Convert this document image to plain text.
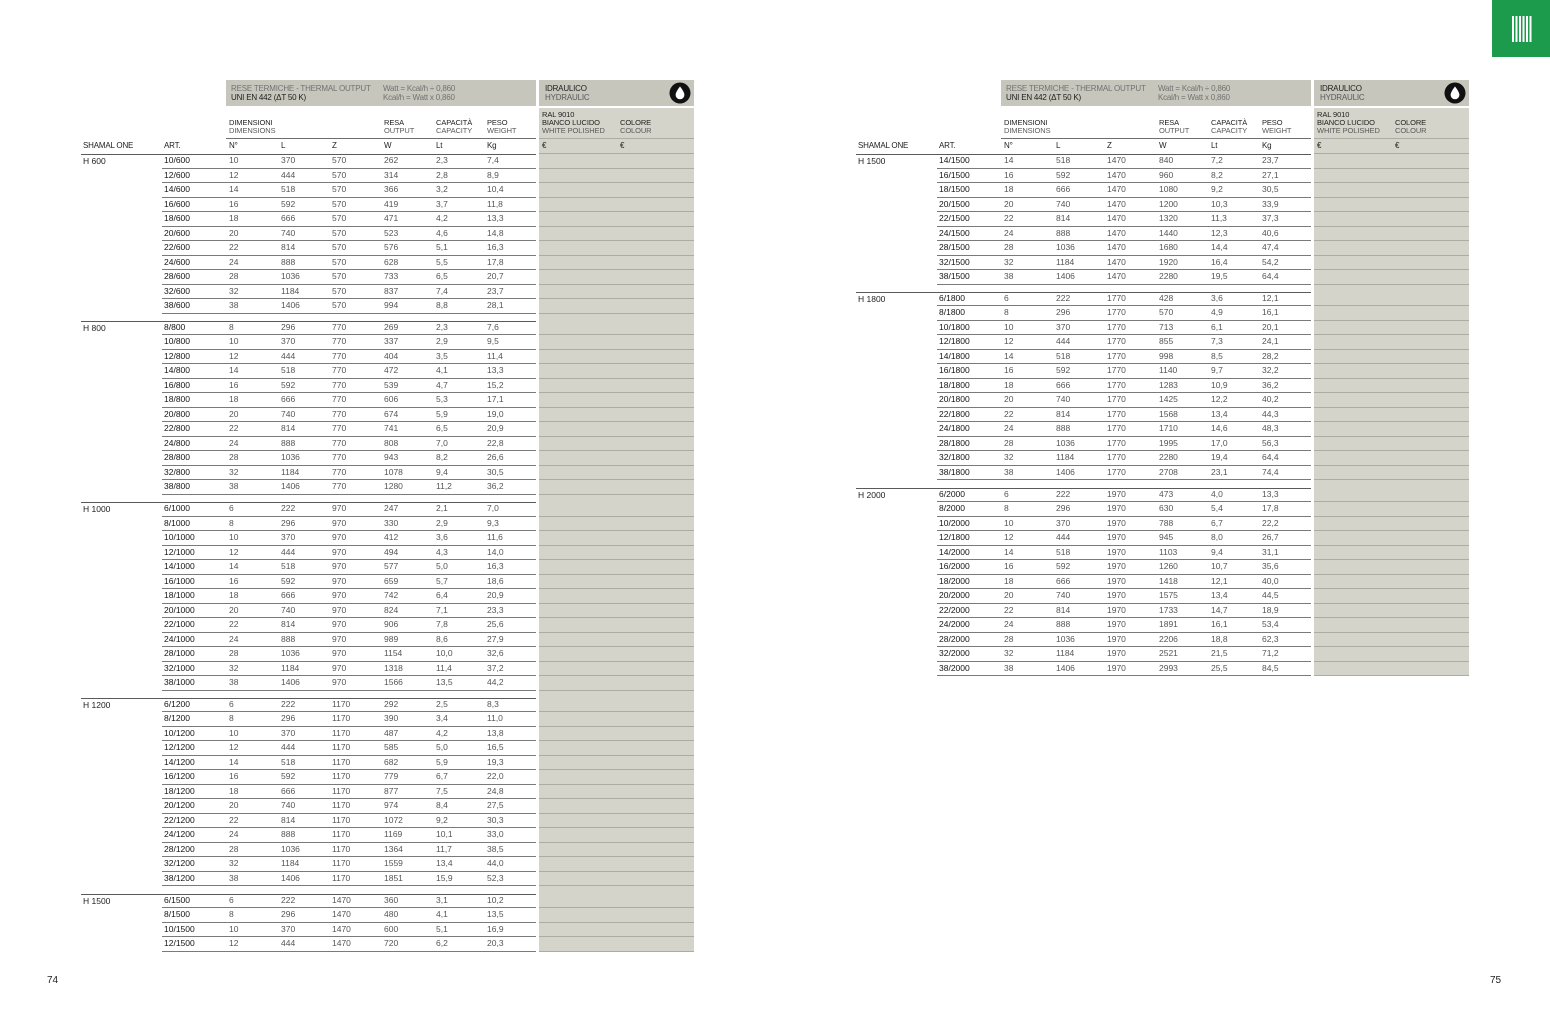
RESE TERMICHE - THERMAL OUTPUT
UNI EN 442 (ΔT 50 K)
Watt = Kcal/h ÷ 0,860
Kcal/h = Watt x 0,860
IDRAULICO
HYDRAULIC
DIMENSIONI
DIMENSIONS
RESA
OUTPUT
CAPACITÀ
CAPACITY
PESO
WEIGHT
RAL 9010
BIANCO LUCIDO
WHITE POLISHED
COLORE
COLOUR
SHAMAL ONE	ART.	N°	L	Z	W	Lt	Kg	€	€
H 600	10/600	10	370	570	262	2,3	7,4
12/600	12	444	570	314	2,8	8,9
14/600	14	518	570	366	3,2	10,4
16/600	16	592	570	419	3,7	11,8
18/600	18	666	570	471	4,2	13,3
20/600	20	740	570	523	4,6	14,8
22/600	22	814	570	576	5,1	16,3
24/600	24	888	570	628	5,5	17,8
28/600	28	1036	570	733	6,5	20,7
32/600	32	1184	570	837	7,4	23,7
38/600	38	1406	570	994	8,8	28,1
H 800	8/800	8	296	770	269	2,3	7,6
10/800	10	370	770	337	2,9	9,5
12/800	12	444	770	404	3,5	11,4
14/800	14	518	770	472	4,1	13,3
16/800	16	592	770	539	4,7	15,2
18/800	18	666	770	606	5,3	17,1
20/800	20	740	770	674	5,9	19,0
22/800	22	814	770	741	6,5	20,9
24/800	24	888	770	808	7,0	22,8
28/800	28	1036	770	943	8,2	26,6
32/800	32	1184	770	1078	9,4	30,5
38/800	38	1406	770	1280	11,2	36,2
H 1000	6/1000	6	222	970	247	2,1	7,0
8/1000	8	296	970	330	2,9	9,3
10/1000	10	370	970	412	3,6	11,6
12/1000	12	444	970	494	4,3	14,0
14/1000	14	518	970	577	5,0	16,3
16/1000	16	592	970	659	5,7	18,6
18/1000	18	666	970	742	6,4	20,9
20/1000	20	740	970	824	7,1	23,3
22/1000	22	814	970	906	7,8	25,6
24/1000	24	888	970	989	8,6	27,9
28/1000	28	1036	970	1154	10,0	32,6
32/1000	32	1184	970	1318	11,4	37,2
38/1000	38	1406	970	1566	13,5	44,2
H 1200	6/1200	6	222	1170	292	2,5	8,3
8/1200	8	296	1170	390	3,4	11,0
10/1200	10	370	1170	487	4,2	13,8
12/1200	12	444	1170	585	5,0	16,5
14/1200	14	518	1170	682	5,9	19,3
16/1200	16	592	1170	779	6,7	22,0
18/1200	18	666	1170	877	7,5	24,8
20/1200	20	740	1170	974	8,4	27,5
22/1200	22	814	1170	1072	9,2	30,3
24/1200	24	888	1170	1169	10,1	33,0
28/1200	28	1036	1170	1364	11,7	38,5
32/1200	32	1184	1170	1559	13,4	44,0
38/1200	38	1406	1170	1851	15,9	52,3
H 1500	6/1500	6	222	1470	360	3,1	10,2
8/1500	8	296	1470	480	4,1	13,5
10/1500	10	370	1470	600	5,1	16,9
12/1500	12	444	1470	720	6,2	20,3
74
RESE TERMICHE - THERMAL OUTPUT
UNI EN 442 (ΔT 50 K)
Watt = Kcal/h ÷ 0,860
Kcal/h = Watt x 0,860
IDRAULICO
HYDRAULIC
DIMENSIONI
DIMENSIONS
RESA
OUTPUT
CAPACITÀ
CAPACITY
PESO
WEIGHT
RAL 9010
BIANCO LUCIDO
WHITE POLISHED
COLORE
COLOUR
SHAMAL ONE	ART.	N°	L	Z	W	Lt	Kg	€	€
H 1500	14/1500	14	518	1470	840	7,2	23,7
16/1500	16	592	1470	960	8,2	27,1
18/1500	18	666	1470	1080	9,2	30,5
20/1500	20	740	1470	1200	10,3	33,9
22/1500	22	814	1470	1320	11,3	37,3
24/1500	24	888	1470	1440	12,3	40,6
28/1500	28	1036	1470	1680	14,4	47,4
32/1500	32	1184	1470	1920	16,4	54,2
38/1500	38	1406	1470	2280	19,5	64,4
H 1800	6/1800	6	222	1770	428	3,6	12,1
8/1800	8	296	1770	570	4,9	16,1
10/1800	10	370	1770	713	6,1	20,1
12/1800	12	444	1770	855	7,3	24,1
14/1800	14	518	1770	998	8,5	28,2
16/1800	16	592	1770	1140	9,7	32,2
18/1800	18	666	1770	1283	10,9	36,2
20/1800	20	740	1770	1425	12,2	40,2
22/1800	22	814	1770	1568	13,4	44,3
24/1800	24	888	1770	1710	14,6	48,3
28/1800	28	1036	1770	1995	17,0	56,3
32/1800	32	1184	1770	2280	19,4	64,4
38/1800	38	1406	1770	2708	23,1	74,4
H 2000	6/2000	6	222	1970	473	4,0	13,3
8/2000	8	296	1970	630	5,4	17,8
10/2000	10	370	1970	788	6,7	22,2
12/1800	12	444	1970	945	8,0	26,7
14/2000	14	518	1970	1103	9,4	31,1
16/2000	16	592	1970	1260	10,7	35,6
18/2000	18	666	1970	1418	12,1	40,0
20/2000	20	740	1970	1575	13,4	44,5
22/2000	22	814	1970	1733	14,7	18,9
24/2000	24	888	1970	1891	16,1	53,4
28/2000	28	1036	1970	2206	18,8	62,3
32/2000	32	1184	1970	2521	21,5	71,2
38/2000	38	1406	1970	2993	25,5	84,5
75
